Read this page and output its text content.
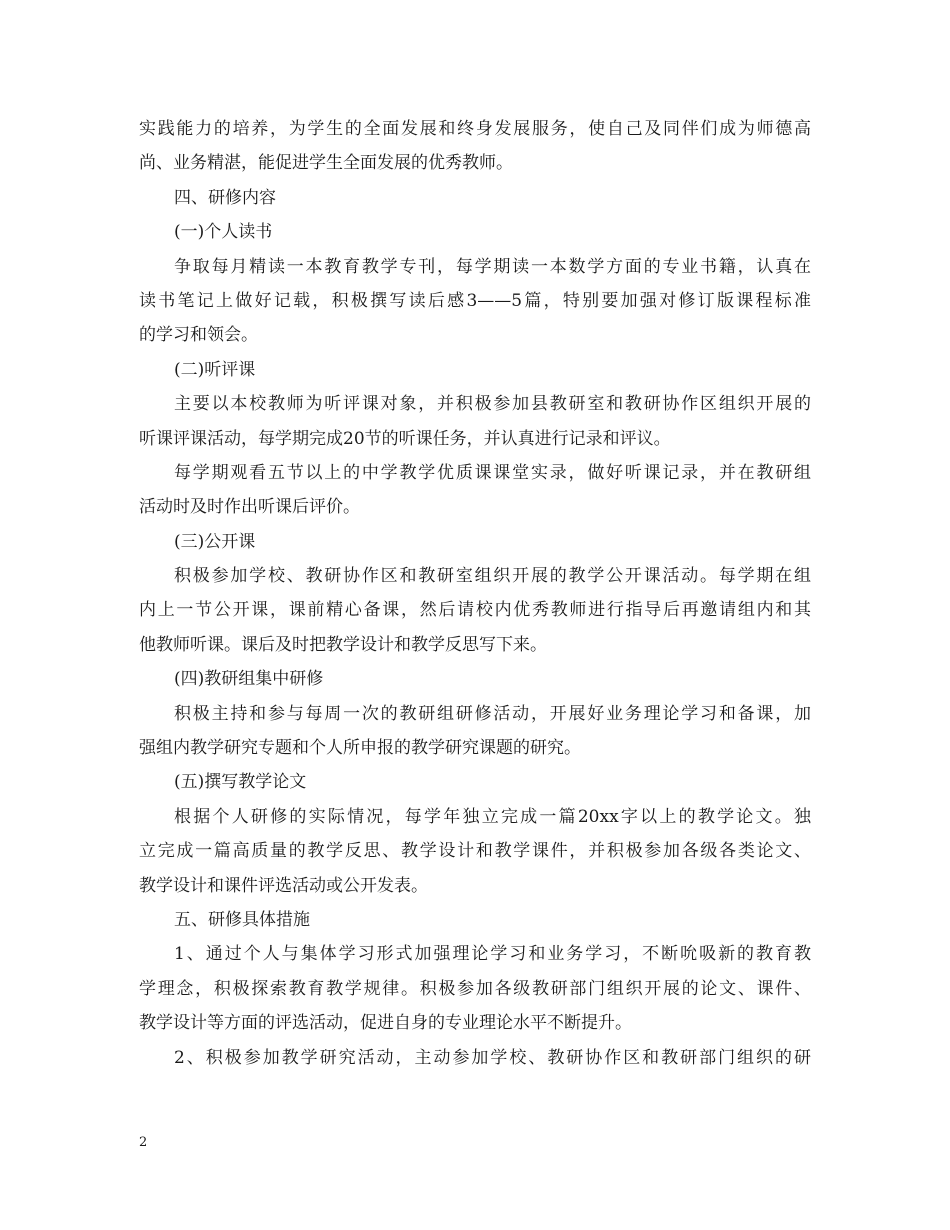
实践能力的培养，为学生的全面发展和终身发展服务，使自己及同伴们成为师德高
尚、业务精湛，能促进学生全面发展的优秀教师。
四、研修内容
(一)个人读书
争取每月精读一本教育教学专刊，每学期读一本数学方面的专业书籍，认真在
读书笔记上做好记载，积极撰写读后感3——5篇，特别要加强对修订版课程标准
的学习和领会。
(二)听评课
主要以本校教师为听评课对象，并积极参加县教研室和教研协作区组织开展的
听课评课活动，每学期完成20节的听课任务，并认真进行记录和评议。
每学期观看五节以上的中学教学优质课课堂实录，做好听课记录，并在教研组
活动时及时作出听课后评价。
(三)公开课
积极参加学校、教研协作区和教研室组织开展的教学公开课活动。每学期在组
内上一节公开课，课前精心备课，然后请校内优秀教师进行指导后再邀请组内和其
他教师听课。课后及时把教学设计和教学反思写下来。
(四)教研组集中研修
积极主持和参与每周一次的教研组研修活动，开展好业务理论学习和备课，加
强组内教学研究专题和个人所申报的教学研究课题的研究。
(五)撰写教学论文
根据个人研修的实际情况，每学年独立完成一篇20xx字以上的教学论文。独
立完成一篇高质量的教学反思、教学设计和教学课件，并积极参加各级各类论文、
教学设计和课件评选活动或公开发表。
五、研修具体措施
1、通过个人与集体学习形式加强理论学习和业务学习，不断吮吸新的教育教
学理念，积极探索教育教学规律。积极参加各级教研部门组织开展的论文、课件、
教学设计等方面的评选活动，促进自身的专业理论水平不断提升。
2、积极参加教学研究活动，主动参加学校、教研协作区和教研部门组织的研
2
